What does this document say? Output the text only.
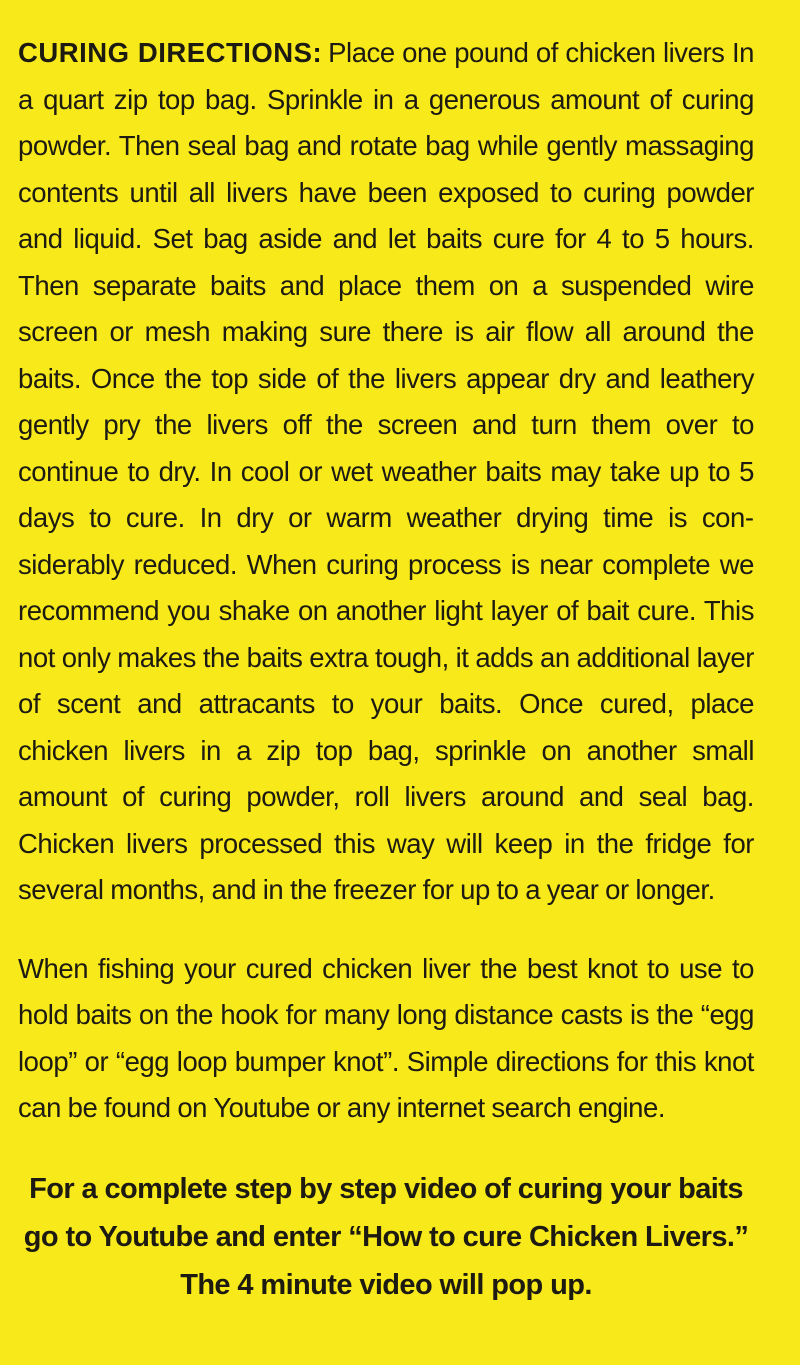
CURING DIRECTIONS: Place one pound of chicken livers In a quart zip top bag. Sprinkle in a generous amount of curing powder. Then seal bag and rotate bag while gently massaging contents until all livers have been exposed to curing powder and liquid. Set bag aside and let baits cure for 4 to 5 hours. Then separate baits and place them on a suspended wire screen or mesh making sure there is air flow all around the baits. Once the top side of the livers appear dry and leathery gently pry the livers off the screen and turn them over to continue to dry. In cool or wet weather baits may take up to 5 days to cure. In dry or warm weather drying time is considerably reduced. When curing process is near complete we recommend you shake on another light layer of bait cure. This not only makes the baits extra tough, it adds an additional layer of scent and attracants to your baits. Once cured, place chicken livers in a zip top bag, sprinkle on another small amount of curing powder, roll livers around and seal bag. Chicken livers processed this way will keep in the fridge for several months, and in the freezer for up to a year or longer.

When fishing your cured chicken liver the best knot to use to hold baits on the hook for many long distance casts is the “egg loop” or “egg loop bumper knot”. Simple directions for this knot can be found on Youtube or any internet search engine.

For a complete step by step video of curing your baits
go to Youtube and enter “How to cure Chicken Livers.”
The 4 minute video will pop up.
